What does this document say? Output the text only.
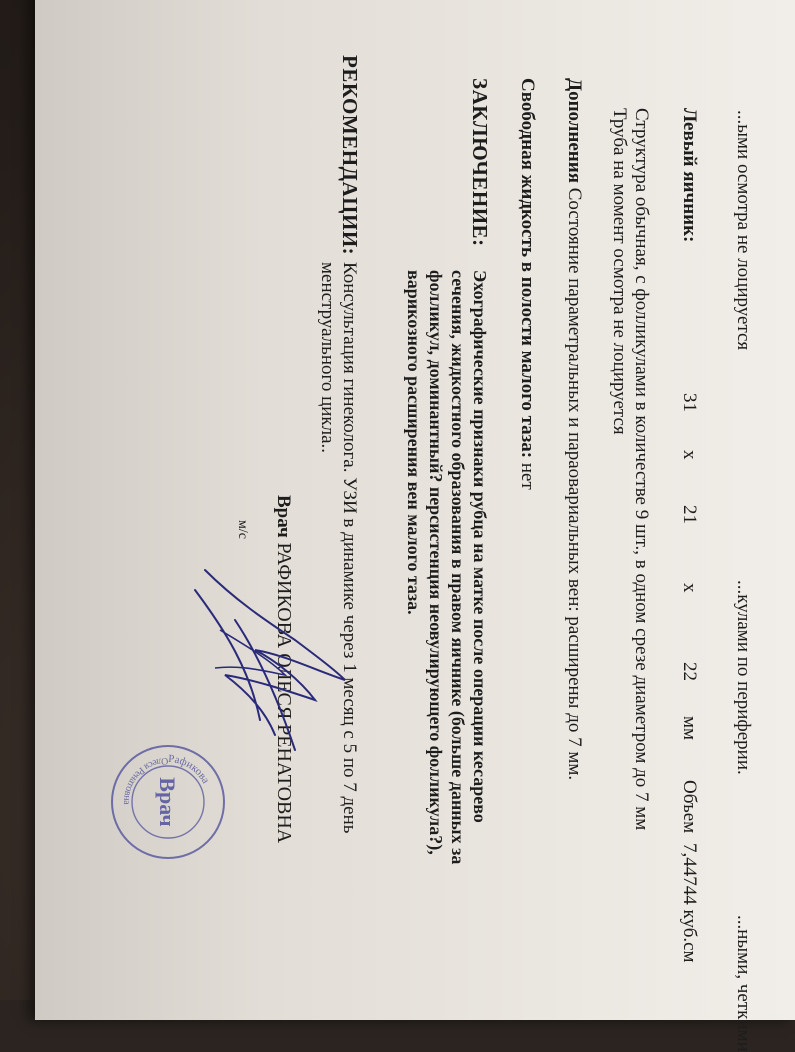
...ыми осмотра не лоцируется
...кулами по периферии.
...ными, четкими
Левый яичник:
31
x
21
x
22
мм
Объем
7,44744 куб.см
Структура обычная, с фолликулами в количестве 9 шт., в одном срезе диаметром до 7 мм
Труба на момент осмотра не лоцируется
Дополнения Состояние параметральных и параовариальных вен: расширены до 7 мм.
Свободная жидкость в полости малого таза: нет
ЗАКЛЮЧЕНИЕ:
Эхографические признаки рубца на матке после операции кесарево
сечения, жидкостного образования в правом яичнике (больше данных за
фолликул, доминантный? персистенция неовулирующего фолликула?),
варикозного расширения вен малого таза.
РЕКОМЕНДАЦИИ:
Консультация гинеколога. УЗИ в динамике через 1 месяц с 5 по 7 день
менструального цикла..
Врач РАФИКОВА ОЛЕСЯ РЕНАТОВНА
м/с
Рафикова
Олеся Ренатовна	Врач
